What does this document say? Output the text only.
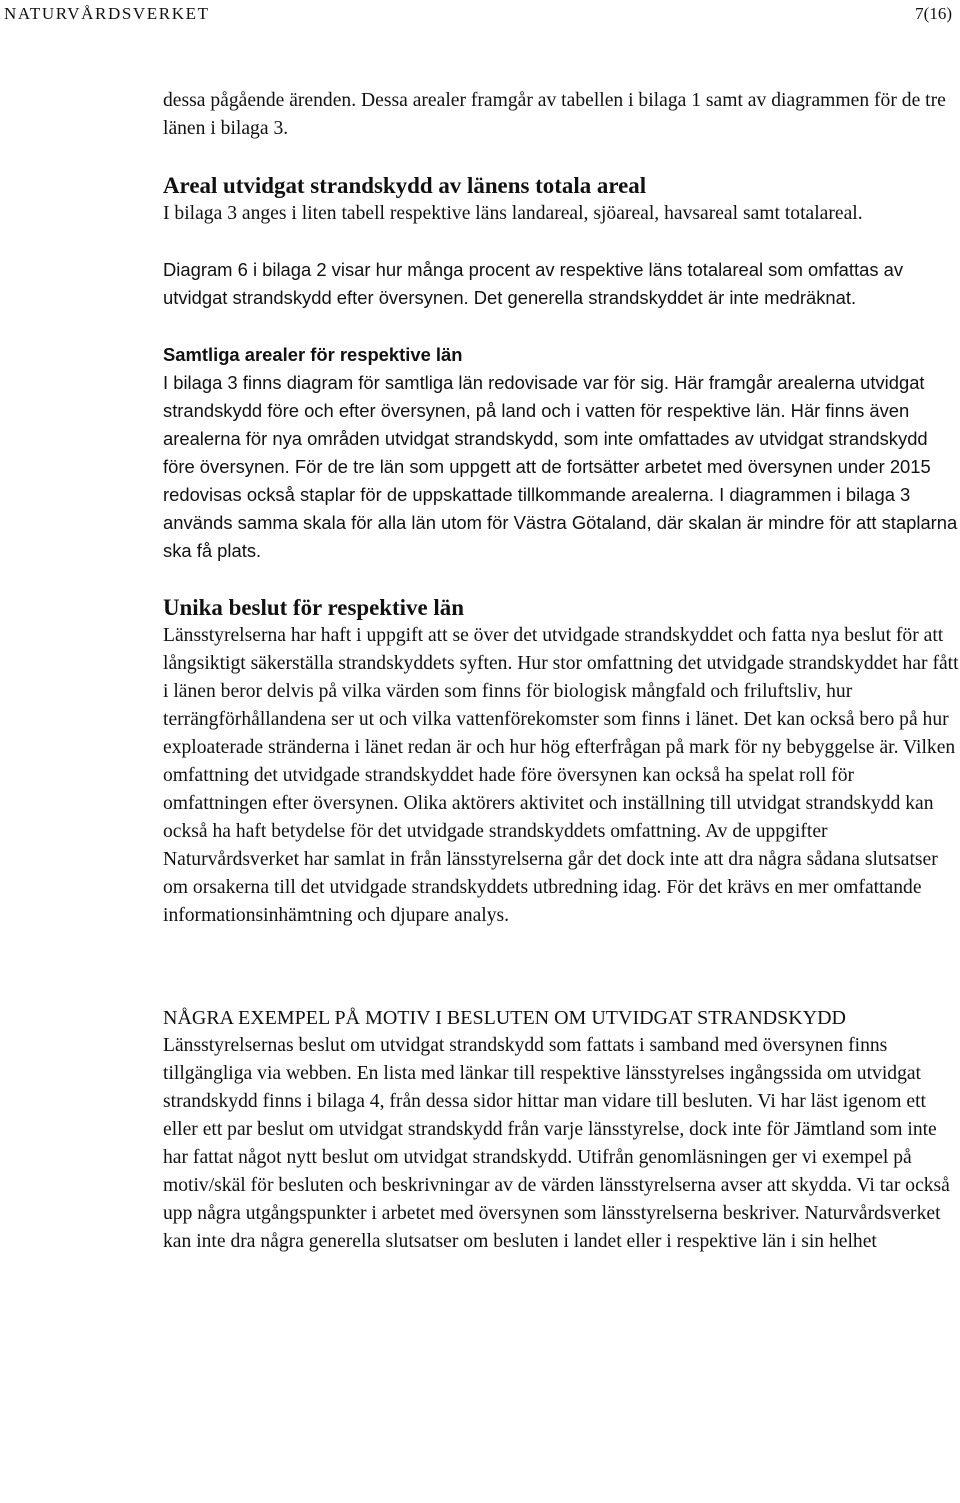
NATURVÅRDSVERKET	7(16)

dessa pågående ärenden. Dessa arealer framgår av tabellen i bilaga 1 samt av diagrammen för de tre länen i bilaga 3.

Areal utvidgat strandskydd av länens totala areal

I bilaga 3 anges i liten tabell respektive läns landareal, sjöareal, havsareal samt totalareal.

Diagram 6 i bilaga 2 visar hur många procent av respektive läns totalareal som omfattas av utvidgat strandskydd efter översynen. Det generella strandskyddet är inte medräknat.

Samtliga arealer för respektive län

I bilaga 3 finns diagram för samtliga län redovisade var för sig. Här framgår arealerna utvidgat strandskydd före och efter översynen, på land och i vatten för respektive län. Här finns även arealerna för nya områden utvidgat strandskydd, som inte omfattades av utvidgat strandskydd före översynen. För de tre län som uppgett att de fortsätter arbetet med översynen under 2015 redovisas också staplar för de uppskattade tillkommande arealerna. I diagrammen i bilaga 3 används samma skala för alla län utom för Västra Götaland, där skalan är mindre för att staplarna ska få plats.

Unika beslut för respektive län

Länsstyrelserna har haft i uppgift att se över det utvidgade strandskyddet och fatta nya beslut för att långsiktigt säkerställa strandskyddets syften. Hur stor omfattning det utvidgade strandskyddet har fått i länen beror delvis på vilka värden som finns för biologisk mångfald och friluftsliv, hur terrängförhållandena ser ut och vilka vattenförekomster som finns i länet. Det kan också bero på hur exploaterade stränderna i länet redan är och hur hög efterfrågan på mark för ny bebyggelse är. Vilken omfattning det utvidgade strandskyddet hade före översynen kan också ha spelat roll för omfattningen efter översynen. Olika aktörers aktivitet och inställning till utvidgat strandskydd kan också ha haft betydelse för det utvidgade strandskyddets omfattning. Av de uppgifter Naturvårdsverket har samlat in från länsstyrelserna går det dock inte att dra några sådana slutsatser om orsakerna till det utvidgade strandskyddets utbredning idag. För det krävs en mer omfattande informationsinhämtning och djupare analys.

NÅGRA EXEMPEL PÅ MOTIV I BESLUTEN OM UTVIDGAT STRANDSKYDD

Länsstyrelsernas beslut om utvidgat strandskydd som fattats i samband med översynen finns tillgängliga via webben. En lista med länkar till respektive länsstyrelses ingångssida om utvidgat strandskydd finns i bilaga 4, från dessa sidor hittar man vidare till besluten. Vi har läst igenom ett eller ett par beslut om utvidgat strandskydd från varje länsstyrelse, dock inte för Jämtland som inte har fattat något nytt beslut om utvidgat strandskydd. Utifrån genomläsningen ger vi exempel på motiv/skäl för besluten och beskrivningar av de värden länsstyrelserna avser att skydda. Vi tar också upp några utgångspunkter i arbetet med översynen som länsstyrelserna beskriver. Naturvårdsverket kan inte dra några generella slutsatser om besluten i landet eller i respektive län i sin helhet
